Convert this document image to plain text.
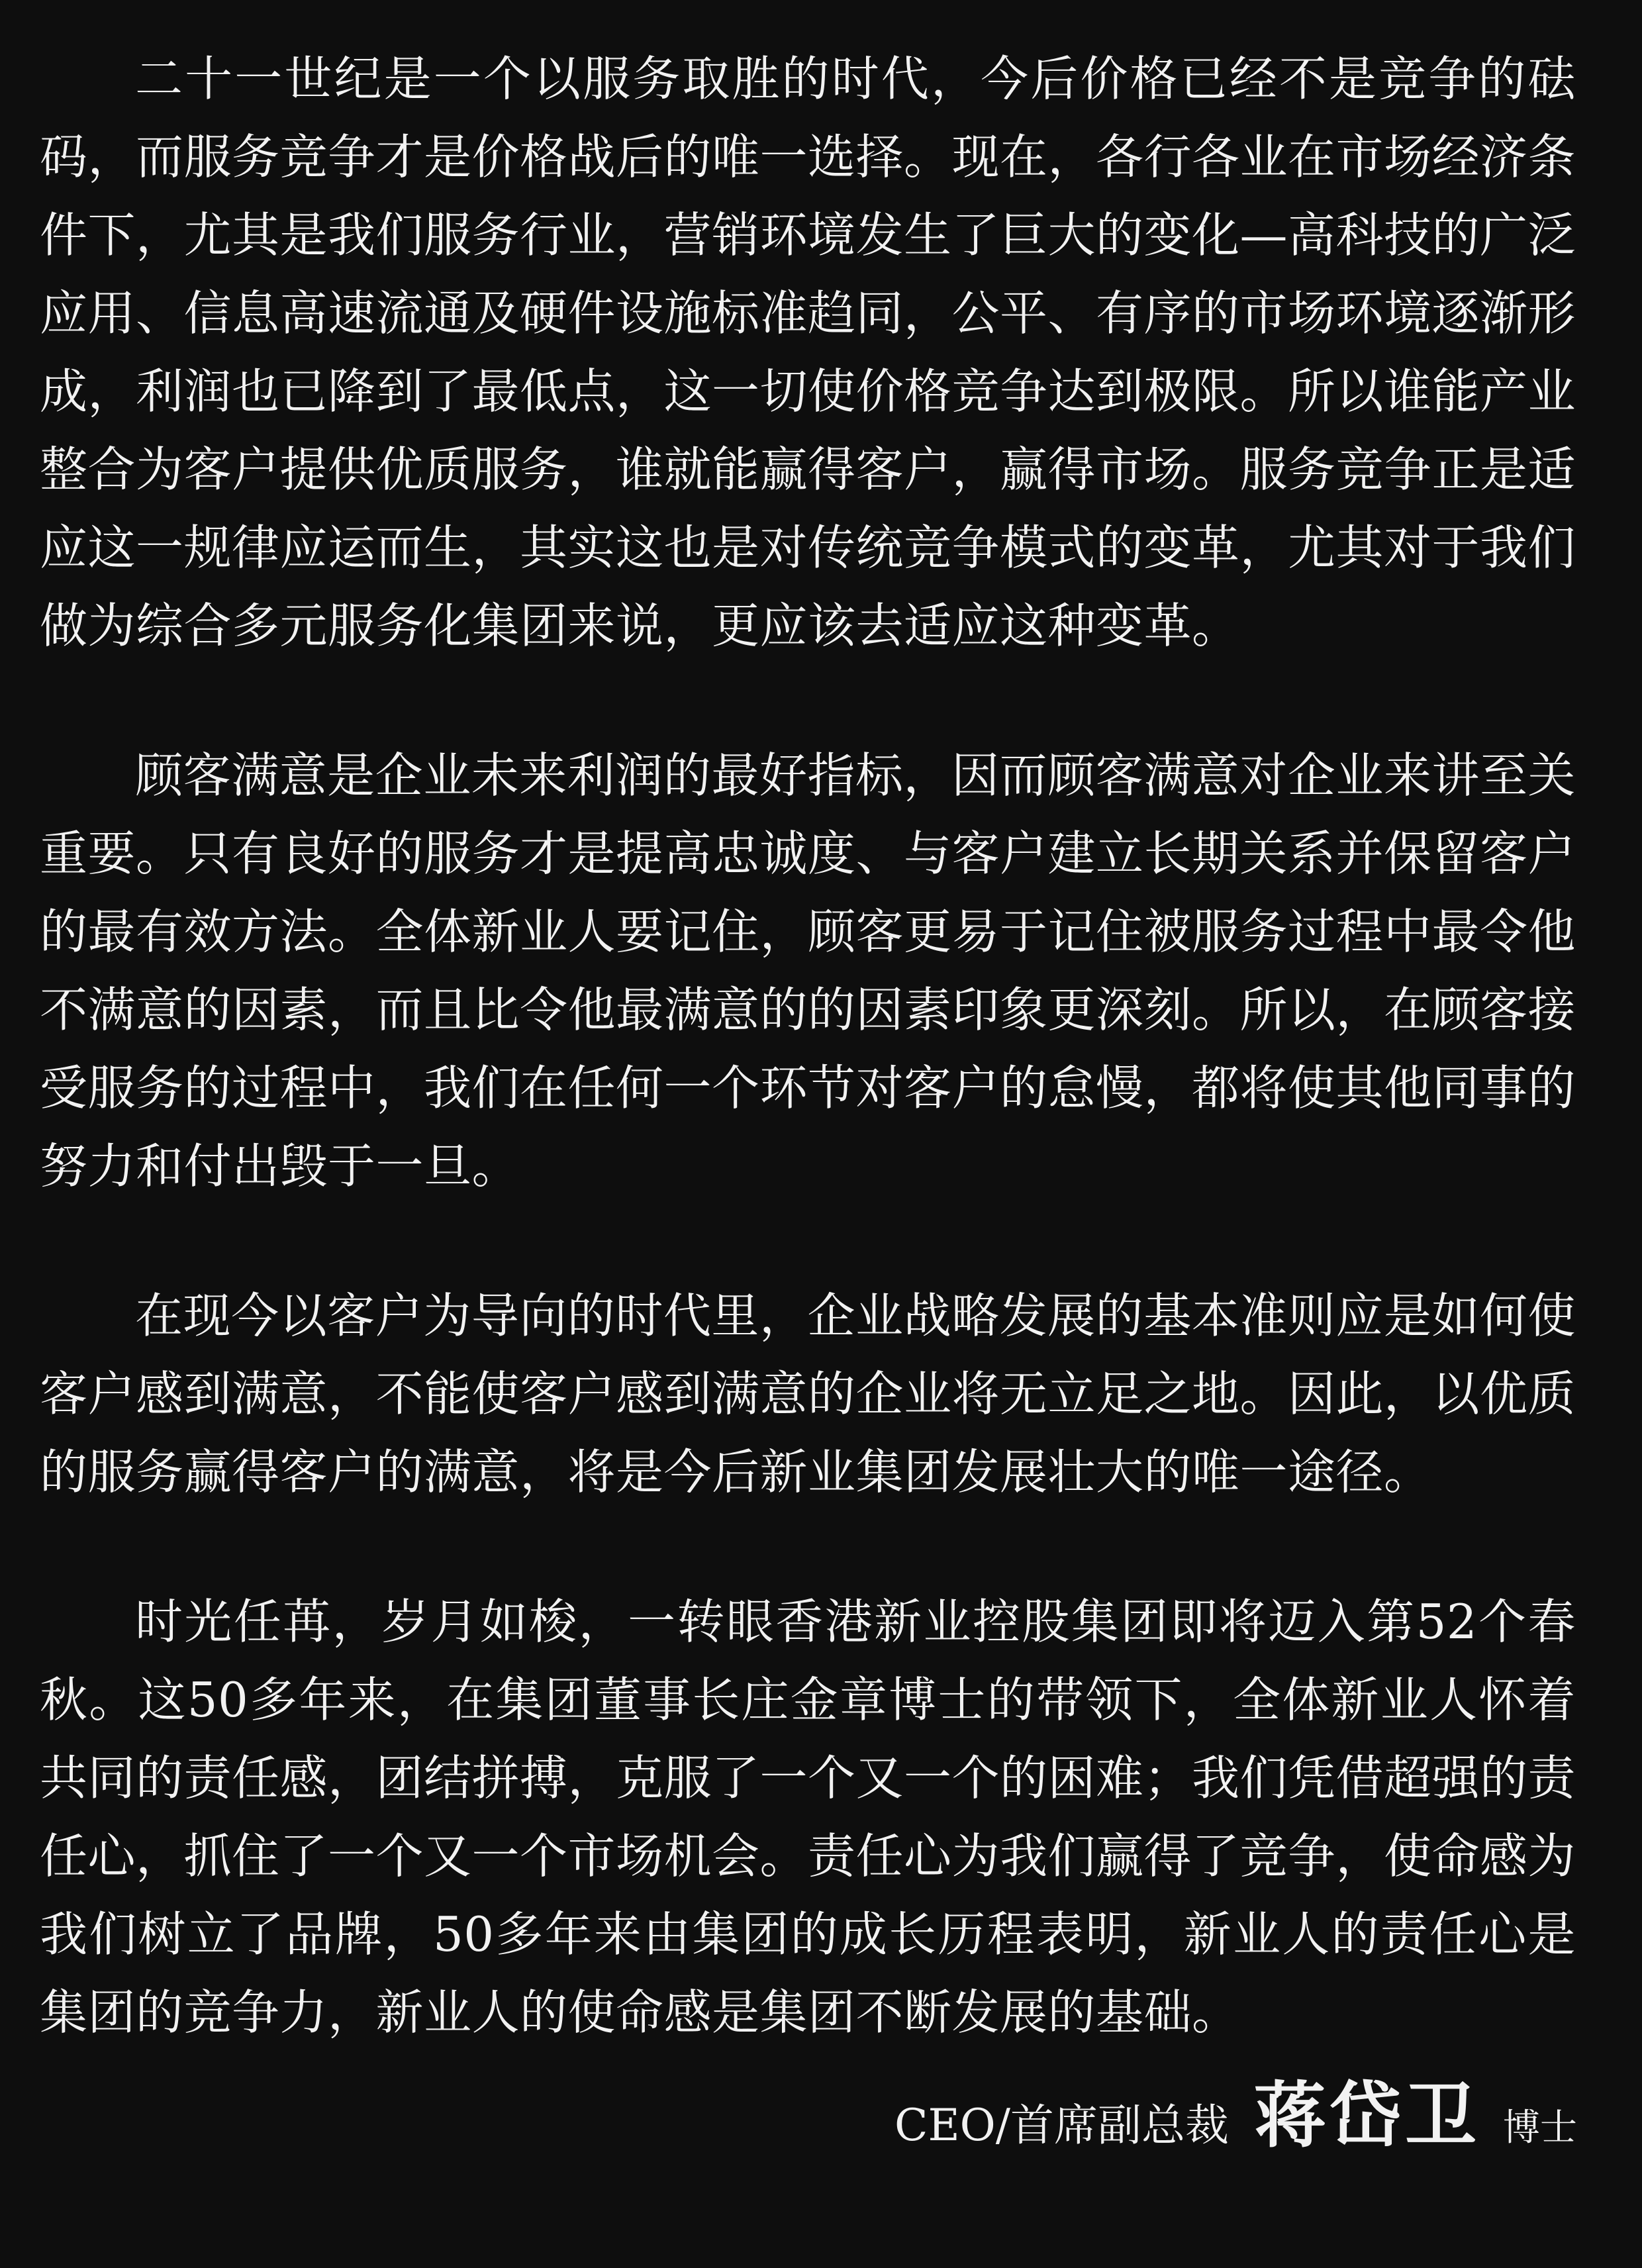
二十一世纪是一个以服务取胜的时代，今后价格已经不是竞争的砝码，而服务竞争才是价格战后的唯一选择。现在，各行各业在市场经济条件下，尤其是我们服务行业，营销环境发生了巨大的变化—高科技的广泛应用、信息高速流通及硬件设施标准趋同，公平、有序的市场环境逐渐形成，利润也已降到了最低点，这一切使价格竞争达到极限。所以谁能产业整合为客户提供优质服务，谁就能赢得客户，赢得市场。服务竞争正是适应这一规律应运而生，其实这也是对传统竞争模式的变革，尤其对于我们做为综合多元服务化集团来说，更应该去适应这种变革。

顾客满意是企业未来利润的最好指标，因而顾客满意对企业来讲至关重要。只有良好的服务才是提高忠诚度、与客户建立长期关系并保留客户的最有效方法。全体新业人要记住，顾客更易于记住被服务过程中最令他不满意的因素，而且比令他最满意的的因素印象更深刻。所以，在顾客接受服务的过程中，我们在任何一个环节对客户的怠慢，都将使其他同事的努力和付出毁于一旦。

在现今以客户为导向的时代里，企业战略发展的基本准则应是如何使客户感到满意，不能使客户感到满意的企业将无立足之地。因此，以优质的服务赢得客户的满意，将是今后新业集团发展壮大的唯一途径。

时光任苒，岁月如梭，一转眼香港新业控股集团即将迈入第52个春秋。这50多年来，在集团董事长庄金章博士的带领下，全体新业人怀着共同的责任感，团结拼搏，克服了一个又一个的困难；我们凭借超强的责任心，抓住了一个又一个市场机会。责任心为我们赢得了竞争，使命感为我们树立了品牌，50多年来由集团的成长历程表明，新业人的责任心是集团的竞争力，新业人的使命感是集团不断发展的基础。

CEO/首席副总裁 蒋岱卫 博士
